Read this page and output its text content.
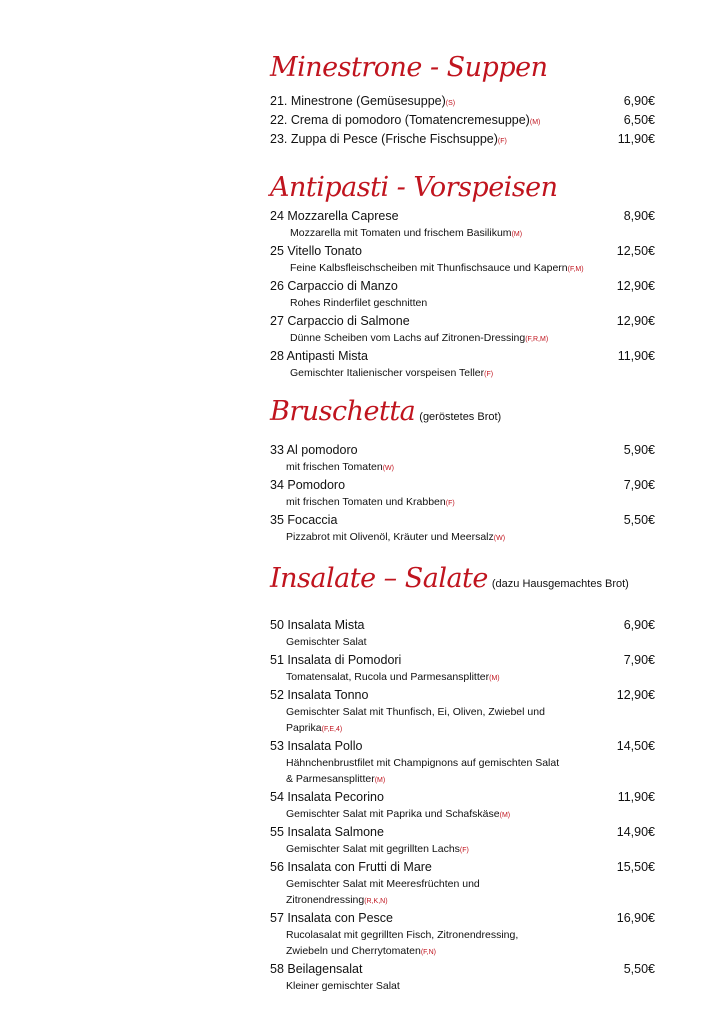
Minestrone - Suppen
21. Minestrone (Gemüsesuppe)(S)	6,90€
22. Crema di pomodoro (Tomatencremesuppe)(M)	6,50€
23. Zuppa di Pesce (Frische Fischsuppe)(F)	11,90€
Antipasti - Vorspeisen
24 Mozzarella Caprese	8,90€
Mozzarella mit Tomaten und frischem Basilikum(M)
25 Vitello Tonato	12,50€
Feine Kalbsfleischscheiben mit Thunfischsauce und Kapern(F,M)
26 Carpaccio di Manzo	12,90€
Rohes Rinderfilet geschnitten
27 Carpaccio di Salmone	12,90€
Dünne Scheiben vom Lachs auf Zitronen-Dressing(F,R,M)
28 Antipasti Mista	11,90€
Gemischter Italienischer vorspeisen Teller(F)
Bruschetta (geröstetes Brot)
33 Al pomodoro	5,90€
mit frischen Tomaten(W)
34 Pomodoro	7,90€
mit frischen Tomaten und Krabben(F)
35 Focaccia	5,50€
Pizzabrot mit Olivenöl, Kräuter und Meersalz(W)
Insalate – Salate (dazu Hausgemachtes Brot)
50 Insalata Mista	6,90€
Gemischter Salat
51 Insalata di Pomodori	7,90€
Tomatensalat, Rucola und Parmesansplitter(M)
52 Insalata Tonno	12,90€
Gemischter Salat mit Thunfisch, Ei, Oliven, Zwiebel und Paprika(F,E,4)
53 Insalata Pollo	14,50€
Hähnchenbrustfilet mit Champignons auf gemischten Salat & Parmesansplitter(M)
54 Insalata Pecorino	11,90€
Gemischter Salat mit Paprika und Schafskäse(M)
55 Insalata Salmone	14,90€
Gemischter Salat mit gegrillten Lachs(F)
56 Insalata con Frutti di Mare	15,50€
Gemischter Salat mit Meeresfrüchten und Zitronendressing(R,K,N)
57 Insalata con Pesce	16,90€
Rucolasalat mit gegrillten Fisch, Zitronendressing, Zwiebeln und Cherrytomaten(F,N)
58 Beilagensalat	5,50€
Kleiner gemischter Salat
